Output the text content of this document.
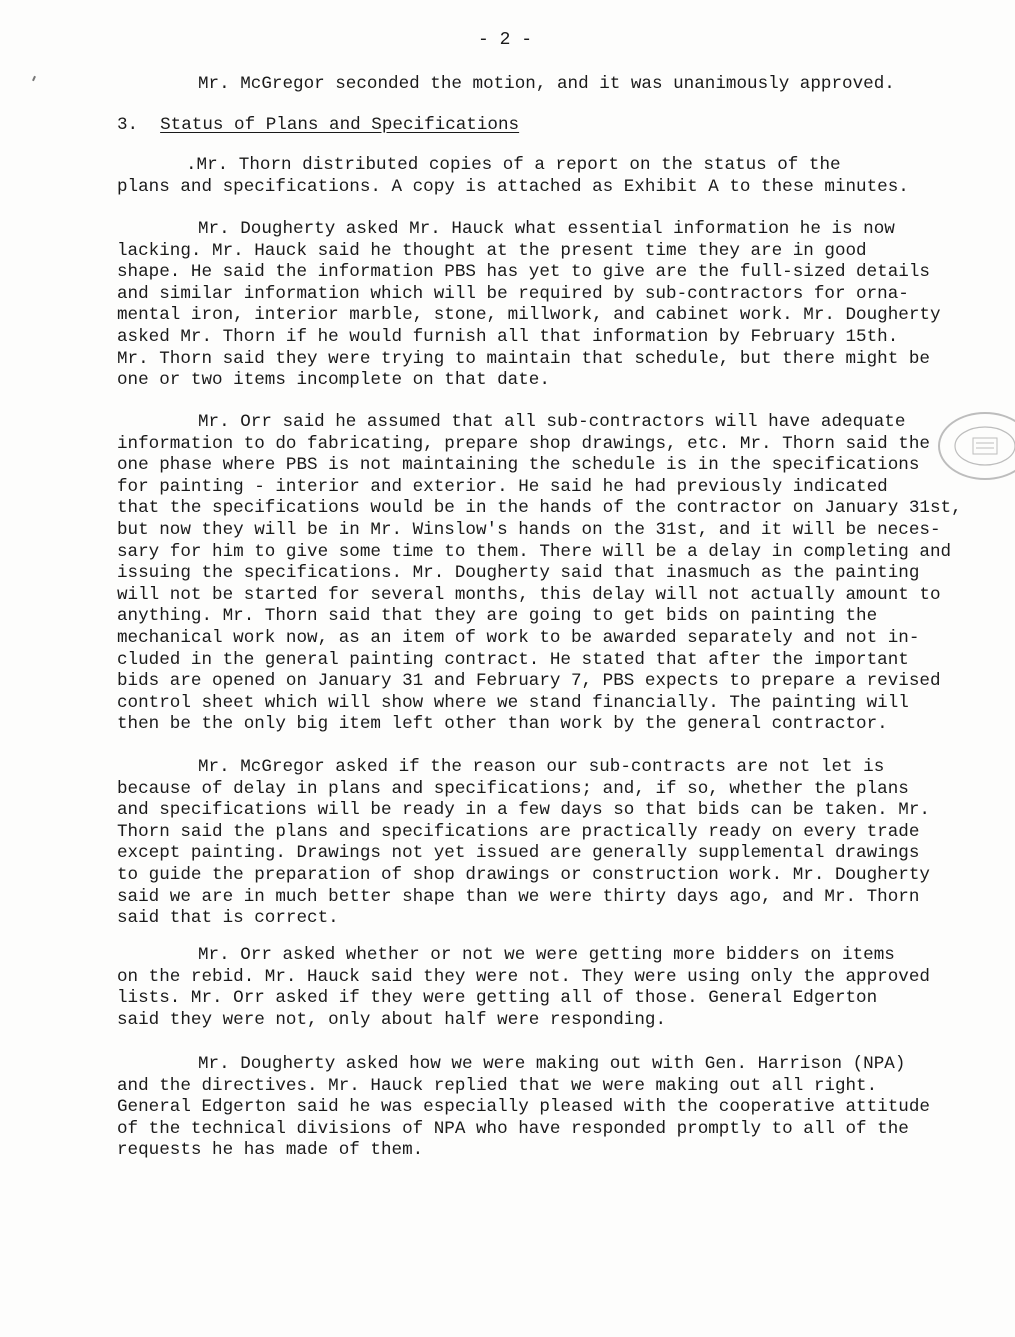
- 2 -

Mr. McGregor seconded the motion, and it was unanimously approved.

3. Status of Plans and Specifications

.Mr. Thorn distributed copies of a report on the status of the
plans and specifications. A copy is attached as Exhibit A to these minutes.

Mr. Dougherty asked Mr. Hauck what essential information he is now
lacking. Mr. Hauck said he thought at the present time they are in good
shape. He said the information PBS has yet to give are the full-sized details
and similar information which will be required by sub-contractors for orna-
mental iron, interior marble, stone, millwork, and cabinet work. Mr. Dougherty
asked Mr. Thorn if he would furnish all that information by February 15th.
Mr. Thorn said they were trying to maintain that schedule, but there might be
one or two items incomplete on that date.

Mr. Orr said he assumed that all sub-contractors will have adequate
information to do fabricating, prepare shop drawings, etc. Mr. Thorn said the
one phase where PBS is not maintaining the schedule is in the specifications
for painting - interior and exterior. He said he had previously indicated
that the specifications would be in the hands of the contractor on January 31st,
but now they will be in Mr. Winslow's hands on the 31st, and it will be neces-
sary for him to give some time to them. There will be a delay in completing and
issuing the specifications. Mr. Dougherty said that inasmuch as the painting
will not be started for several months, this delay will not actually amount to
anything. Mr. Thorn said that they are going to get bids on painting the
mechanical work now, as an item of work to be awarded separately and not in-
cluded in the general painting contract. He stated that after the important
bids are opened on January 31 and February 7, PBS expects to prepare a revised
control sheet which will show where we stand financially. The painting will
then be the only big item left other than work by the general contractor.

Mr. McGregor asked if the reason our sub-contracts are not let is
because of delay in plans and specifications; and, if so, whether the plans
and specifications will be ready in a few days so that bids can be taken. Mr.
Thorn said the plans and specifications are practically ready on every trade
except painting. Drawings not yet issued are generally supplemental drawings
to guide the preparation of shop drawings or construction work. Mr. Dougherty
said we are in much better shape than we were thirty days ago, and Mr. Thorn
said that is correct.

Mr. Orr asked whether or not we were getting more bidders on items
on the rebid. Mr. Hauck said they were not. They were using only the approved
lists. Mr. Orr asked if they were getting all of those. General Edgerton
said they were not, only about half were responding.

Mr. Dougherty asked how we were making out with Gen. Harrison (NPA)
and the directives. Mr. Hauck replied that we were making out all right.
General Edgerton said he was especially pleased with the cooperative attitude
of the technical divisions of NPA who have responded promptly to all of the
requests he has made of them.
